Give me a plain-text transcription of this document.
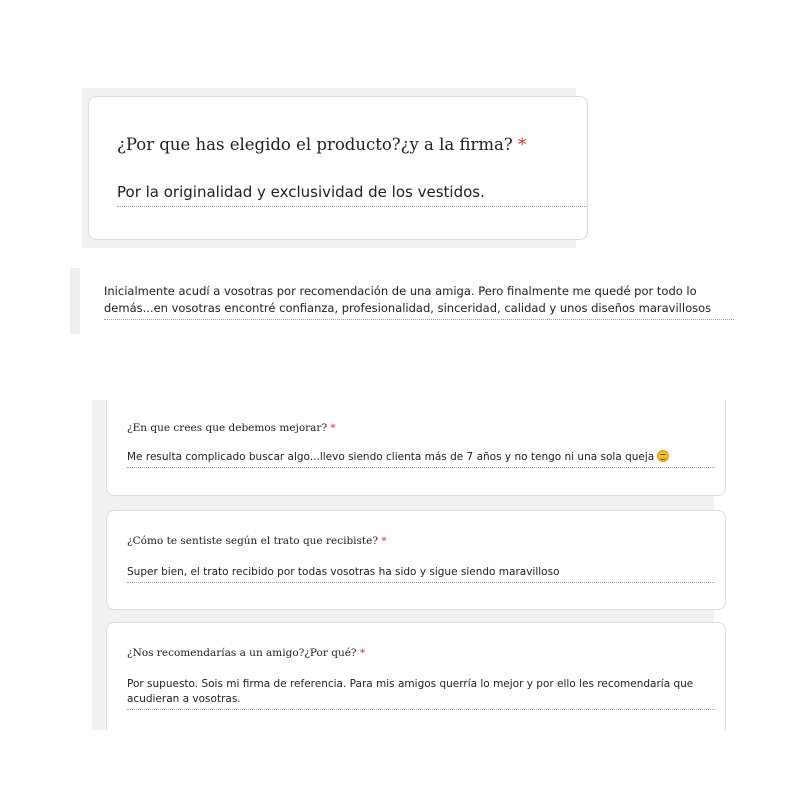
¿Por que has elegido el producto?¿y a la firma? *
Por la originalidad y exclusividad de los vestidos.
Inicialmente acudí a vosotras por recomendación de una amiga. Pero finalmente me quedé por todo lo demás...en vosotras encontré confianza, profesionalidad, sinceridad, calidad y unos diseños maravillosos
¿En que crees que debemos mejorar? *
Me resulta complicado buscar algo...llevo siendo clienta más de 7 años y no tengo ni una sola queja
¿Cómo te sentiste según el trato que recibiste? *
Super bien, el trato recibido por todas vosotras ha sido y sigue siendo maravilloso
¿Nos recomendarías a un amigo?¿Por qué? *
Por supuesto. Sois mi firma de referencia. Para mis amigos querría lo mejor y por ello les recomendaría que acudieran a vosotras.
